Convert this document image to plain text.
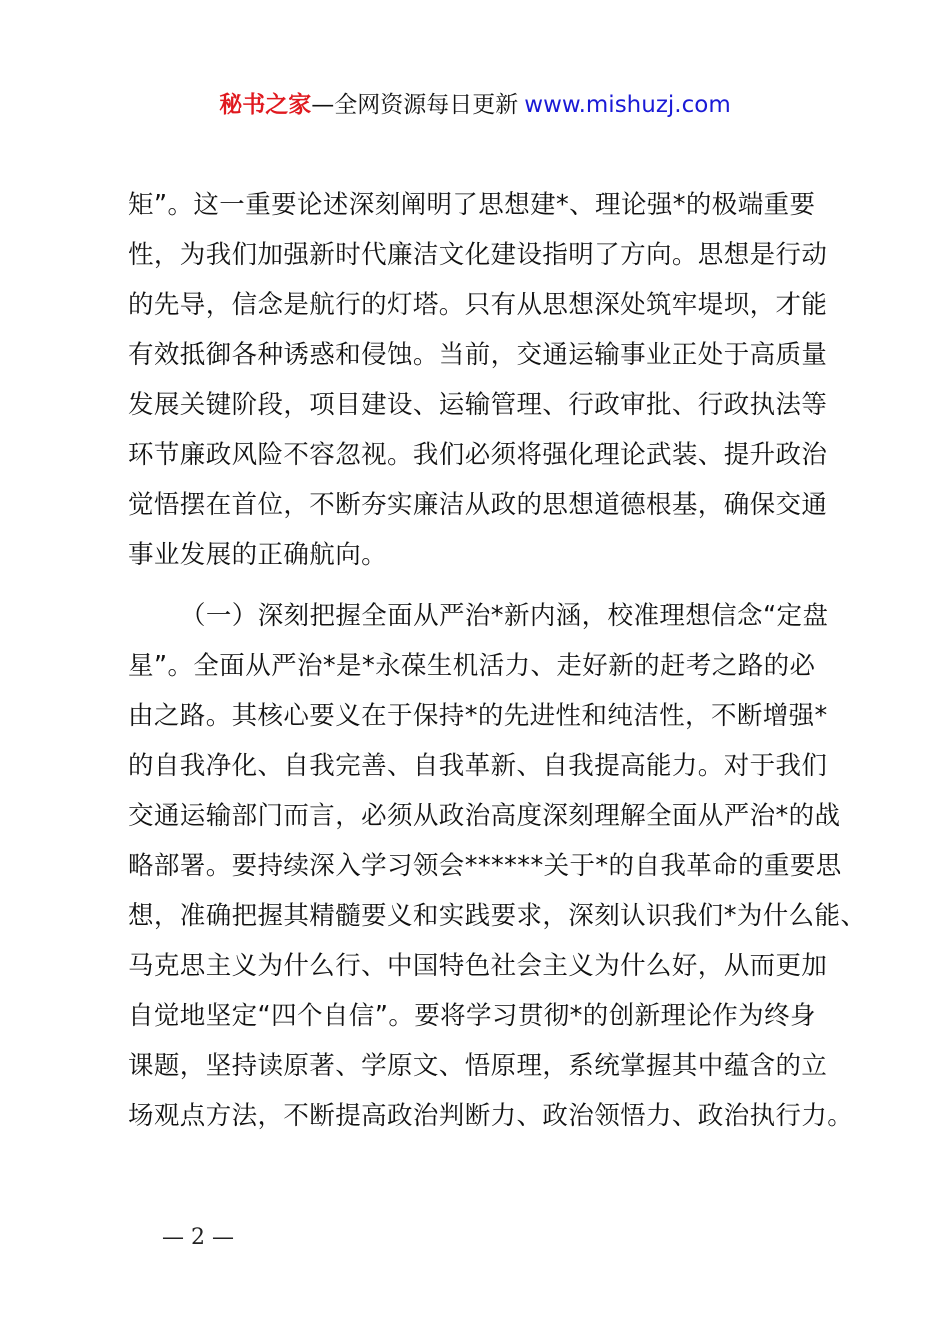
秘书之家—全网资源每日更新 www.mishuzj.com
矩”。这一重要论述深刻阐明了思想建*、理论强*的极端重要
性，为我们加强新时代廉洁文化建设指明了方向。思想是行动
的先导，信念是航行的灯塔。只有从思想深处筑牢堤坝，才能
有效抵御各种诱惑和侵蚀。当前，交通运输事业正处于高质量
发展关键阶段，项目建设、运输管理、行政审批、行政执法等
环节廉政风险不容忽视。我们必须将强化理论武装、提升政治
觉悟摆在首位，不断夯实廉洁从政的思想道德根基，确保交通
事业发展的正确航向。
（一）深刻把握全面从严治*新内涵，校准理想信念“定盘
星”。全面从严治*是*永葆生机活力、走好新的赶考之路的必
由之路。其核心要义在于保持*的先进性和纯洁性，不断增强*
的自我净化、自我完善、自我革新、自我提高能力。对于我们
交通运输部门而言，必须从政治高度深刻理解全面从严治*的战
略部署。要持续深入学习领会******关于*的自我革命的重要思
想，准确把握其精髓要义和实践要求，深刻认识我们*为什么能、
马克思主义为什么行、中国特色社会主义为什么好，从而更加
自觉地坚定“四个自信”。要将学习贯彻*的创新理论作为终身
课题，坚持读原著、学原文、悟原理，系统掌握其中蕴含的立
场观点方法，不断提高政治判断力、政治领悟力、政治执行力。
— 2 —
